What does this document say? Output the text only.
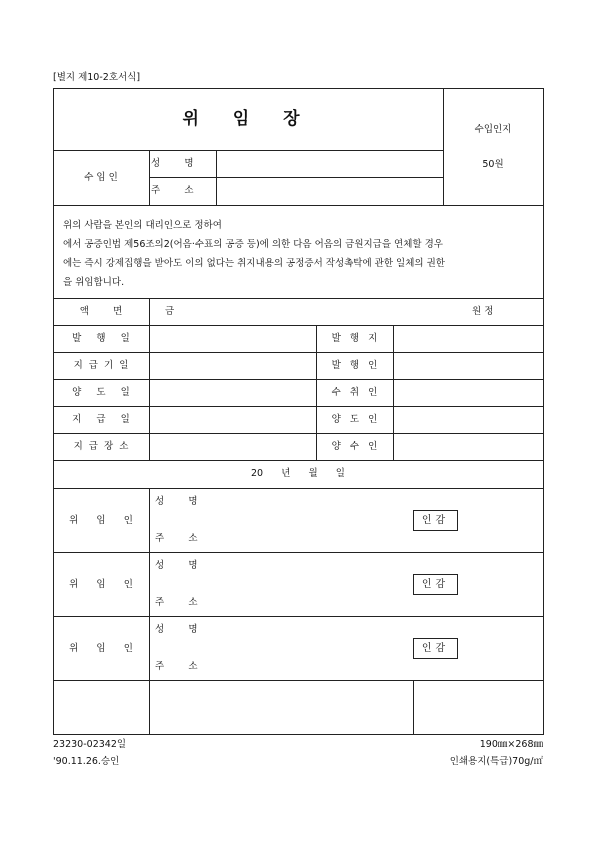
[별지 제10-2호서식]
위 임 장
수입인지
50원
수 임 인
성        명
주        소
위의 사람을 본인의 대리인으로 정하여
에서 공증인법 제56조의2(어음·수표의 공증 등)에 의한 다음 어음의 금원지급을 연체할 경우
에는 즉시 강제집행을 받아도 이의 없다는 취지내용의 공정증서 작성촉탁에 관한 일체의 권한
을 위임합니다.
액        면	금	원 정
발     행     일
지  급  기  일
양     도     일
지     급     일
지  급  장  소
발   행   지
발   행   인
수   취   인
양   도   인
양   수   인
20      년      월      일
위      임      인
성        명
주        소
인감
위      임      인
성        명
주        소
인감
위      임      인
성        명
주        소
인감
23230-02342일
'90.11.26.승인
190㎜×268㎜
인쇄용지(특급)70g/㎡
